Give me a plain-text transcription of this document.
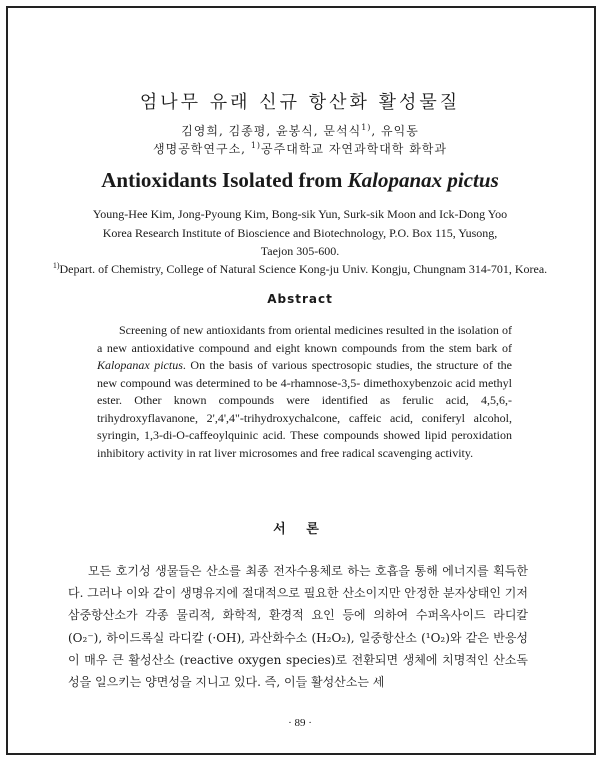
엄나무 유래 신규 항산화 활성물질
김영희, 김종평, 윤봉식, 문석식$^{1)}$, 유익동
생명공학연구소, $^{1)}$공주대학교 자연과학대학 화학과
Antioxidants Isolated from Kalopanax pictus
Young-Hee Kim, Jong-Pyoung Kim, Bong-sik Yun, Surk-sik Moon and Ick-Dong Yoo
Korea Research Institute of Bioscience and Biotechnology, P.O. Box 115, Yusong,
Taejon 305-600.
$^{1)}$Depart. of Chemistry, College of Natural Science Kong-ju Univ. Kongju, Chungnam 314-701, Korea.
Abstract
Screening of new antioxidants from oriental medicines resulted in the isolation of a new antioxidative compound and eight known compounds from the stem bark of Kalopanax pictus. On the basis of various spectrosopic studies, the structure of the new compound was determined to be 4-rhamnose-3,5- dimethoxybenzoic acid methyl ester. Other known compounds were identified as ferulic acid, 4,5,6,-trihydroxyflavanone, 2',4',4"-trihydroxychalcone, caffeic acid, coniferyl alcohol, syringin, 1,3-di-O-caffeoylquinic acid. These compounds showed lipid peroxidation inhibitory activity in rat liver microsomes and free radical scavenging activity.
서 론
모든 호기성 생물들은 산소를 최종 전자수용체로 하는 호흡을 통해 에너지를 획득한다. 그러나 이와 같이 생명유지에 절대적으로 필요한 산소이지만 안정한 분자상태인 기저삼중항산소가 각종 물리적, 화학적, 환경적 요인 등에 의하여 수퍼옥사이드 라디칼 (O₂⁻), 하이드록실 라디칼 (·OH), 과산화수소 (H₂O₂), 일중항산소 (¹O₂)와 같은 반응성이 매우 큰 활성산소 (reactive oxygen species)로 전환되면 생체에 치명적인 산소독성을 일으키는 양면성을 지니고 있다. 즉, 이들 활성산소는 세
· 89 ·
